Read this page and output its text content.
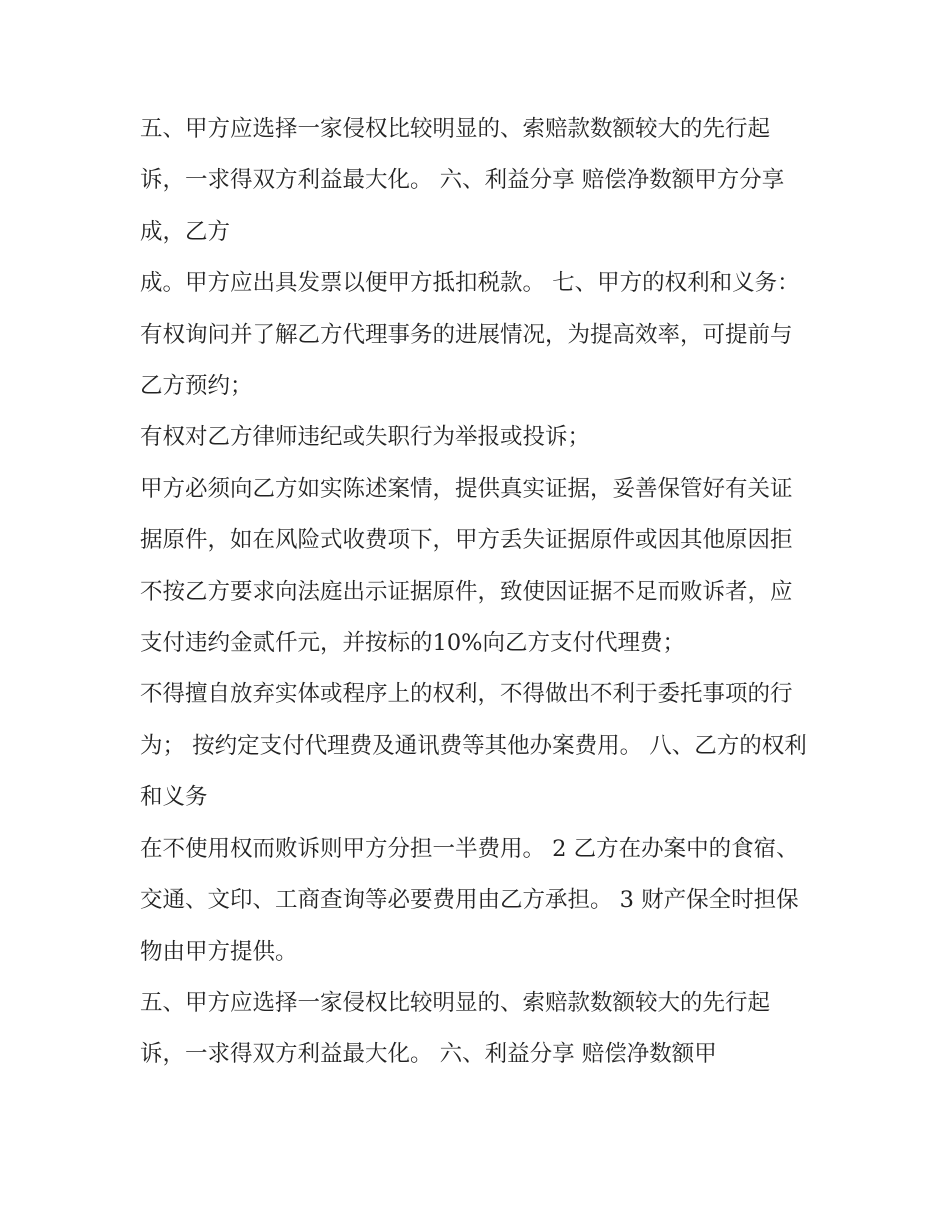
五、甲方应选择一家侵权比较明显的、索赔款数额较大的先行起诉，一求得双方利益最大化。 六、利益分享 赔偿净数额甲方分享 成，乙方

成。甲方应出具发票以便甲方抵扣税款。 七、甲方的权利和义务： 有权询问并了解乙方代理事务的进展情况，为提高效率，可提前与乙方预约；

有权对乙方律师违纪或失职行为举报或投诉；

甲方必须向乙方如实陈述案情，提供真实证据，妥善保管好有关证据原件，如在风险式收费项下，甲方丢失证据原件或因其他原因拒不按乙方要求向法庭出示证据原件，致使因证据不足而败诉者，应支付违约金贰仟元，并按标的10%向乙方支付代理费；

不得擅自放弃实体或程序上的权利，不得做出不利于委托事项的行为； 按约定支付代理费及通讯费等其他办案费用。 八、乙方的权利和义务

在不使用权而败诉则甲方分担一半费用。 2 乙方在办案中的食宿、交通、文印、工商查询等必要费用由乙方承担。 3 财产保全时担保物由甲方提供。

五、甲方应选择一家侵权比较明显的、索赔款数额较大的先行起诉，一求得双方利益最大化。 六、利益分享 赔偿净数额甲
